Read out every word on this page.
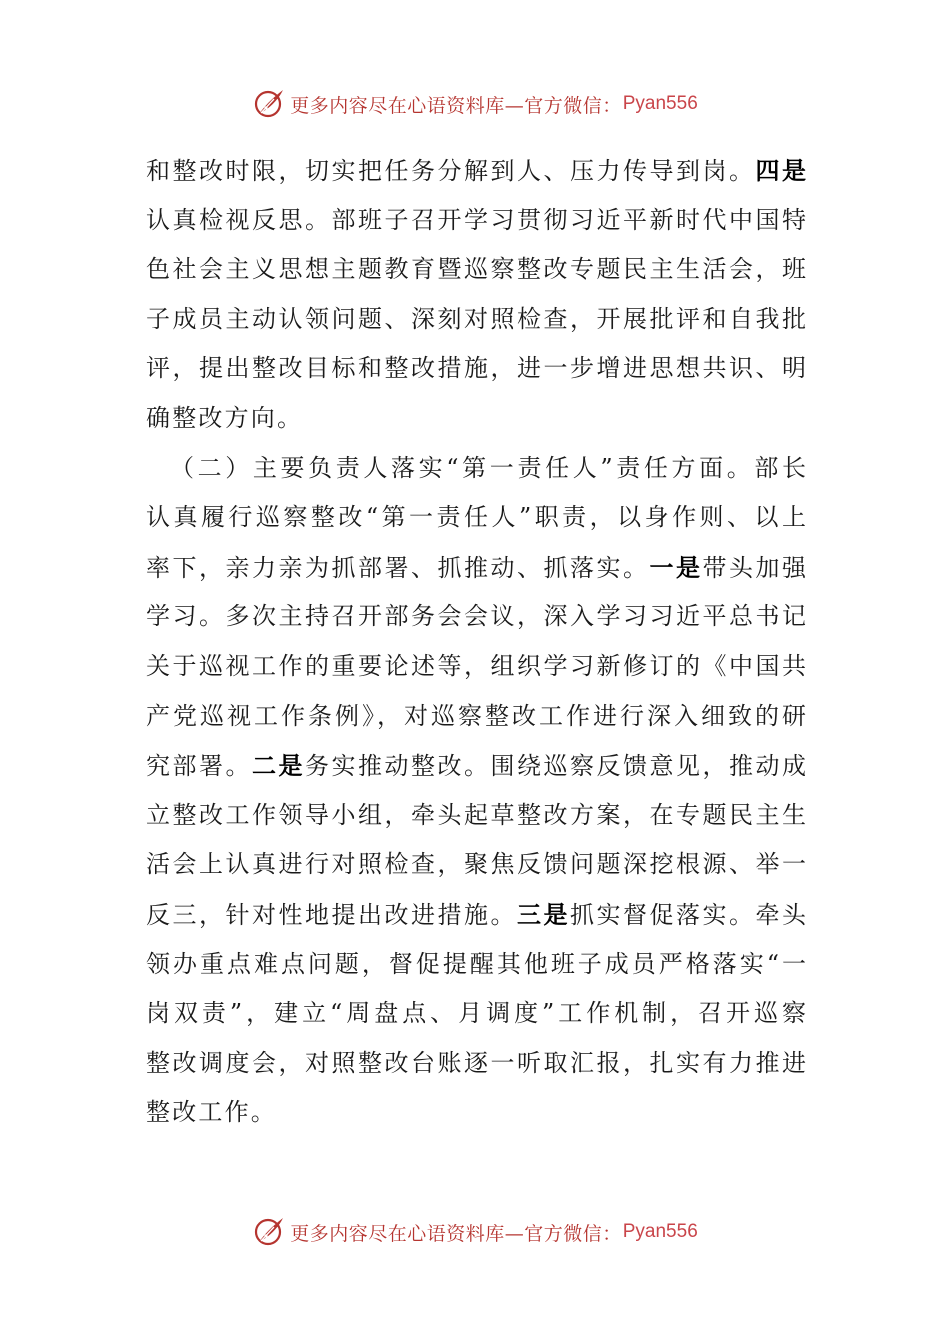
更多内容尽在心语资料库—官方微信： Pyan556
和整改时限，切实把任务分解到人、压力传导到岗。四是
认真检视反思。部班子召开学习贯彻习近平新时代中国特
色社会主义思想主题教育暨巡察整改专题民主生活会，班
子成员主动认领问题、深刻对照检查，开展批评和自我批
评，提出整改目标和整改措施，进一步增进思想共识、明
确整改方向。
（二）主要负责人落实“第一责任人”责任方面。部长
认真履行巡察整改“第一责任人”职责，以身作则、以上
率下，亲力亲为抓部署、抓推动、抓落实。一是带头加强
学习。多次主持召开部务会会议，深入学习习近平总书记
关于巡视工作的重要论述等，组织学习新修订的《中国共
产党巡视工作条例》，对巡察整改工作进行深入细致的研
究部署。二是务实推动整改。围绕巡察反馈意见，推动成
立整改工作领导小组，牵头起草整改方案，在专题民主生
活会上认真进行对照检查，聚焦反馈问题深挖根源、举一
反三，针对性地提出改进措施。三是抓实督促落实。牵头
领办重点难点问题，督促提醒其他班子成员严格落实“一
岗双责”，建立“周盘点、月调度”工作机制，召开巡察
整改调度会，对照整改台账逐一听取汇报，扎实有力推进
整改工作。
更多内容尽在心语资料库—官方微信： Pyan556
